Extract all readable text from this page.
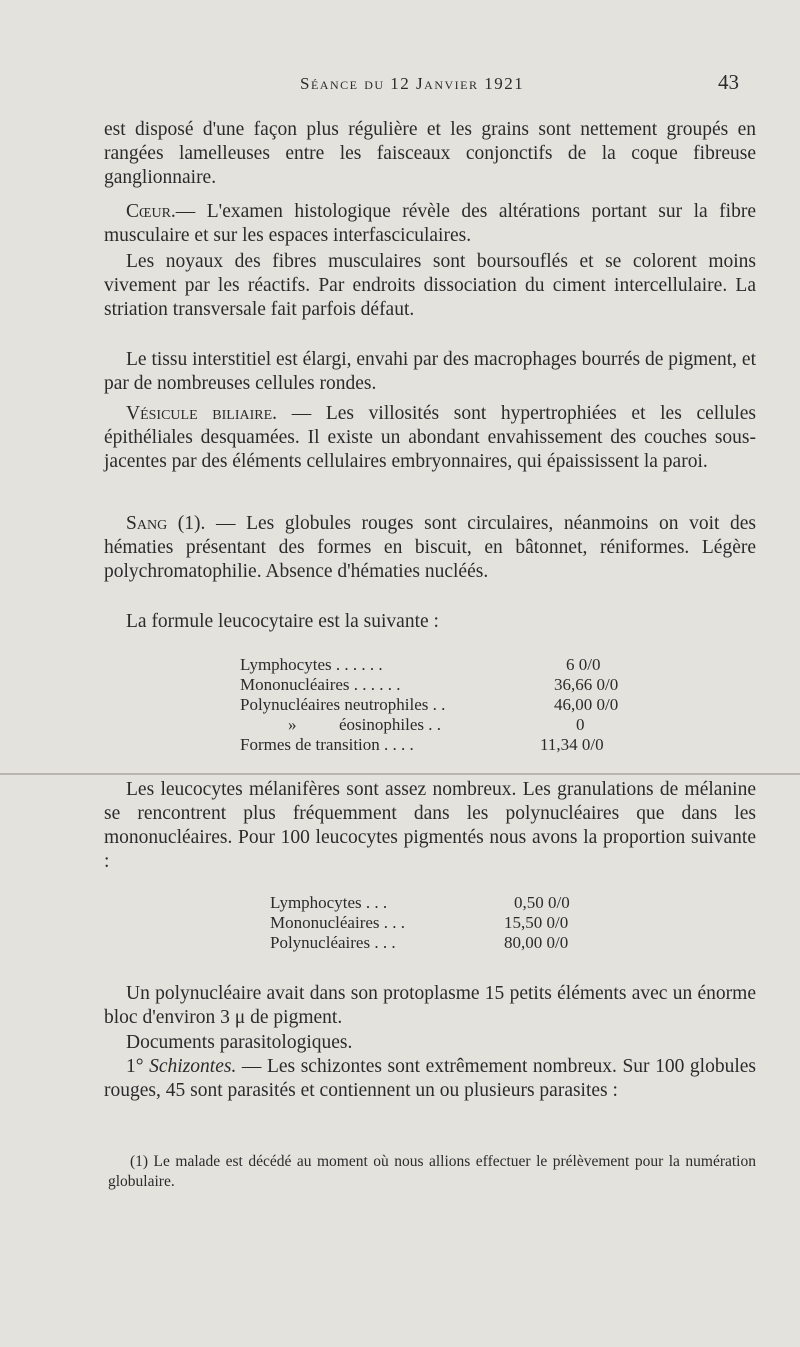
Séance du 12 Janvier 1921	43

est disposé d'une façon plus régulière et les grains sont nettement groupés en rangées lamelleuses entre les faisceaux conjonctifs de la coque fibreuse ganglionnaire.

Cœur.— L'examen histologique révèle des altérations portant sur la fibre musculaire et sur les espaces interfasciculaires.

Les noyaux des fibres musculaires sont boursouflés et se colorent moins vivement par les réactifs. Par endroits dissociation du ciment intercellulaire. La striation transversale fait parfois défaut.

Le tissu interstitiel est élargi, envahi par des macrophages bourrés de pigment, et par de nombreuses cellules rondes.

Vésicule biliaire. — Les villosités sont hypertrophiées et les cellules épithéliales desquamées. Il existe un abondant envahissement des couches sous-jacentes par des éléments cellulaires embryonnaires, qui épaississent la paroi.

Sang (1). — Les globules rouges sont circulaires, néanmoins on voit des hématies présentant des formes en biscuit, en bâtonnet, réniformes. Légère polychromatophilie. Absence d'hématies nucléés.

La formule leucocytaire est la suivante :

Lymphocytes . . . . . .	6 0/0
Mononucléaires . . . . . .	36,66 0/0
Polynucléaires neutrophiles . .	46,00 0/0
»          éosinophiles . .	0
Formes de transition . . . .	11,34 0/0

Les leucocytes mélanifères sont assez nombreux. Les granulations de mélanine se rencontrent plus fréquemment dans les polynucléaires que dans les mononucléaires. Pour 100 leucocytes pigmentés nous avons la proportion suivante :

Lymphocytes . . .	0,50 0/0
Mononucléaires . . .	15,50 0/0
Polynucléaires . . .	80,00 0/0

Un polynucléaire avait dans son protoplasme 15 petits éléments avec un énorme bloc d'environ 3 μ de pigment.

Documents parasitologiques.

1° Schizontes. — Les schizontes sont extrêmement nombreux. Sur 100 globules rouges, 45 sont parasités et contiennent un ou plusieurs parasites :

(1) Le malade est décédé au moment où nous allions effectuer le prélèvement pour la numération globulaire.
